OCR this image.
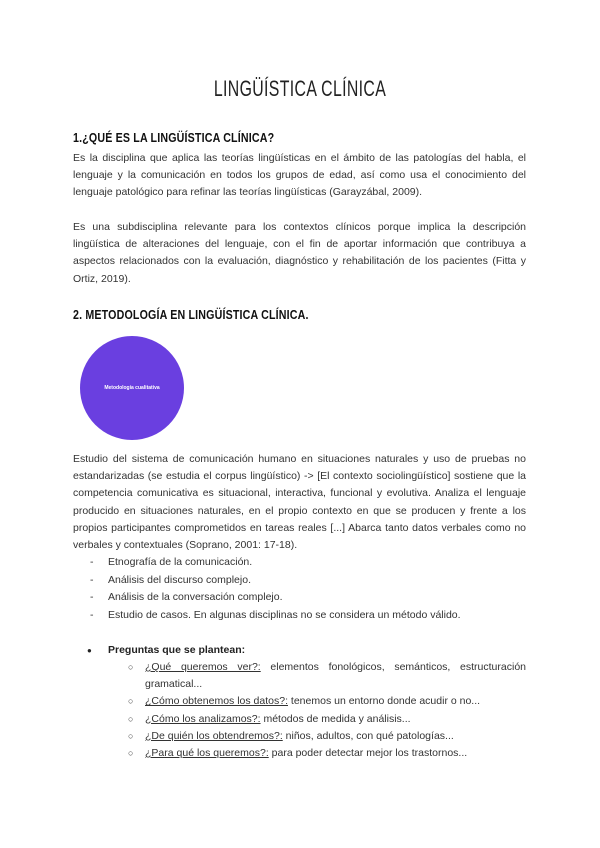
LINGÜÍSTICA CLÍNICA
1.¿QUÉ ES LA LINGÜÍSTICA CLÍNICA?

Es la disciplina que aplica las teorías lingüísticas en el ámbito de las patologías del habla, el lenguaje y la comunicación en todos los grupos de edad, así como usa el conocimiento del lenguaje patológico para refinar las teorías lingüísticas (Garayzábal, 2009).

Es una subdisciplina relevante para los contextos clínicos porque implica la descripción lingüística de alteraciones del lenguaje, con el fin de aportar información que contribuya a aspectos relacionados con la evaluación, diagnóstico y rehabilitación de los pacientes (Fitta y Ortiz, 2019).

2. METODOLOGÍA EN LINGÜÍSTICA CLÍNICA.
Metodología cualitativa

Estudio del sistema de comunicación humano en situaciones naturales y uso de pruebas no estandarizadas (se estudia el corpus lingüístico) -> [El contexto sociolingüístico] sostiene que la competencia comunicativa es situacional, interactiva, funcional y evolutiva. Analiza el lenguaje producido en situaciones naturales, en el propio contexto en que se producen y frente a los propios participantes comprometidos en tareas reales [...] Abarca tanto datos verbales como no verbales y contextuales (Soprano, 2001: 17-18).

- Etnografía de la comunicación.
- Análisis del discurso complejo.
- Análisis de la conversación complejo.
- Estudio de casos. En algunas disciplinas no se considera un método válido.
● Preguntas que se plantean:
○ ¿Qué queremos ver?: elementos fonológicos, semánticos, estructuración gramatical...
○ ¿Cómo obtenemos los datos?: tenemos un entorno donde acudir o no...
○ ¿Cómo los analizamos?: métodos de medida y análisis...
○ ¿De quién los obtendremos?: niños, adultos, con qué patologías...
○ ¿Para qué los queremos?: para poder detectar mejor los trastornos...
